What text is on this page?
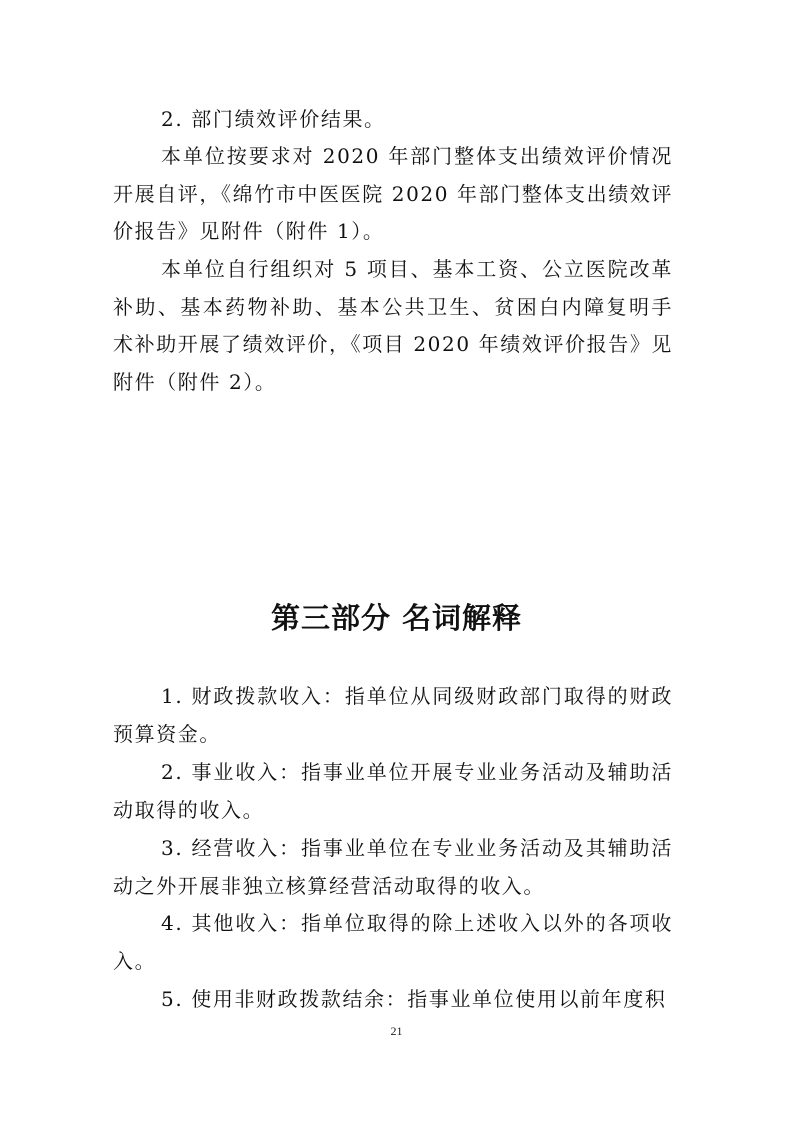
2. 部门绩效评价结果。

本单位按要求对 2020 年部门整体支出绩效评价情况开展自评，《绵竹市中医医院 2020 年部门整体支出绩效评价报告》见附件（附件 1）。

本单位自行组织对 5 项目、基本工资、公立医院改革补助、基本药物补助、基本公共卫生、贫困白内障复明手术补助开展了绩效评价，《项目 2020 年绩效评价报告》见附件（附件 2）。

第三部分 名词解释

1. 财政拨款收入：指单位从同级财政部门取得的财政预算资金。

2. 事业收入：指事业单位开展专业业务活动及辅助活动取得的收入。

3. 经营收入：指事业单位在专业业务活动及其辅助活动之外开展非独立核算经营活动取得的收入。

4. 其他收入：指单位取得的除上述收入以外的各项收入。

5. 使用非财政拨款结余：指事业单位使用以前年度积

21
